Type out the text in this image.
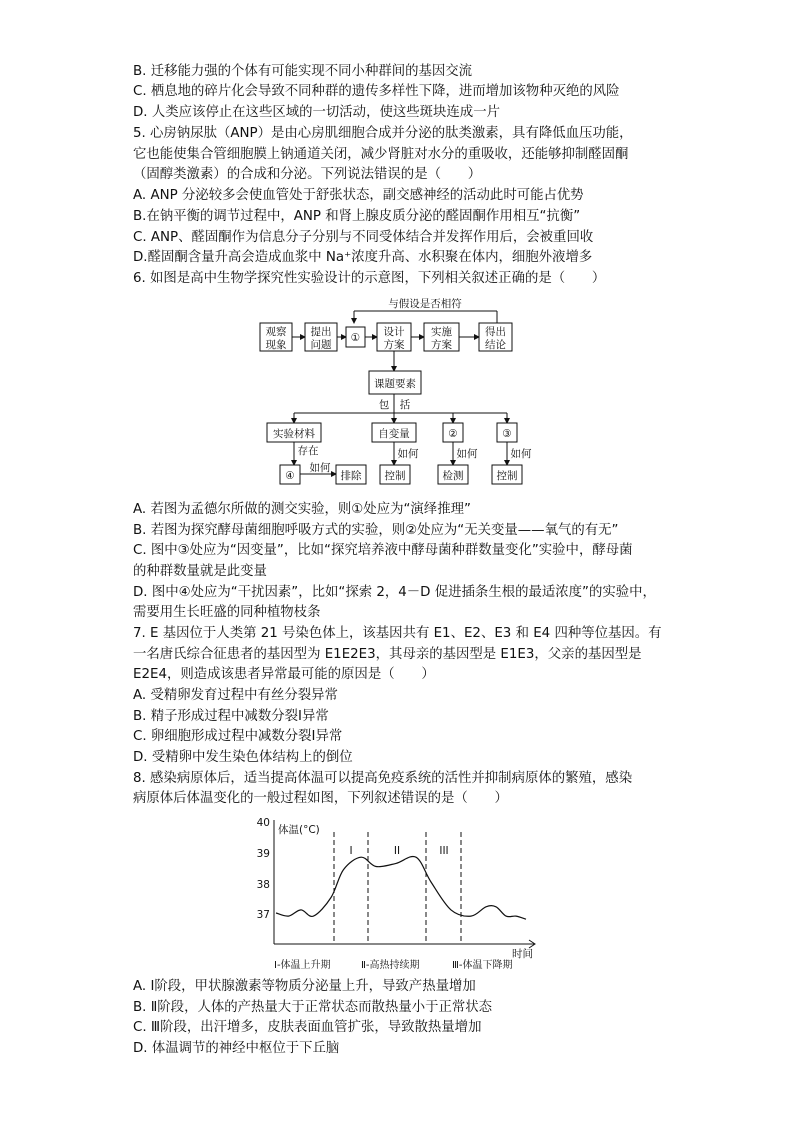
B. 迁移能力强的个体有可能实现不同小种群间的基因交流
C. 栖息地的碎片化会导致不同种群的遗传多样性下降，进而增加该物种灭绝的风险
D. 人类应该停止在这些区域的一切活动，使这些斑块连成一片
5. 心房钠尿肽（ANP）是由心房肌细胞合成并分泌的肽类激素，具有降低血压功能，
它也能使集合管细胞膜上钠通道关闭，减少肾脏对水分的重吸收，还能够抑制醛固酮
（固醇类激素）的合成和分泌。下列说法错误的是（　　）
A. ANP 分泌较多会使血管处于舒张状态，副交感神经的活动此时可能占优势
B.在钠平衡的调节过程中，ANP 和肾上腺皮质分泌的醛固酮作用相互“抗衡”
C. ANP、醛固酮作为信息分子分别与不同受体结合并发挥作用后，会被重回收
D.醛固酮含量升高会造成血浆中 Na⁺浓度升高、水积聚在体内，细胞外液增多
6. 如图是高中生物学探究性实验设计的示意图，下列相关叙述正确的是（　　）
A. 若图为孟德尔所做的测交实验，则①处应为“演绎推理”
B. 若图为探究酵母菌细胞呼吸方式的实验，则②处应为“无关变量——氧气的有无”
C. 图中③处应为“因变量”，比如“探究培养液中酵母菌种群数量变化”实验中，酵母菌
的种群数量就是此变量
D. 图中④处应为“干扰因素”，比如“探索 2，4－D 促进插条生根的最适浓度”的实验中，
需要用生长旺盛的同种植物枝条
7. E 基因位于人类第 21 号染色体上，该基因共有 E1、E2、E3 和 E4 四种等位基因。有
一名唐氏综合征患者的基因型为 E1E2E3，其母亲的基因型是 E1E3，父亲的基因型是
E2E4，则造成该患者异常最可能的原因是（　　）
A. 受精卵发育过程中有丝分裂异常
B. 精子形成过程中减数分裂Ⅰ异常
C. 卵细胞形成过程中减数分裂Ⅰ异常
D. 受精卵中发生染色体结构上的倒位
8. 感染病原体后，适当提高体温可以提高免疫系统的活性并抑制病原体的繁殖，感染
病原体后体温变化的一般过程如图，下列叙述错误的是（　　）
A. Ⅰ阶段，甲状腺激素等物质分泌量上升，导致产热量增加
B. Ⅱ阶段，人体的产热量大于正常状态而散热量小于正常状态
C. Ⅲ阶段，出汗增多，皮肤表面血管扩张，导致散热量增加
D. 体温调节的神经中枢位于下丘脑
与假设是否相符
观察
现象
提出
问题
① 设计
方案
实施
方案
得出
结论
课题要素
包 括
实验材料	自变量	②	③
存在
④
如何
排除
如何
控制
如何
检测
如何
控制
37
38
39
40
体温(°C)
I	II	III
时间
Ⅰ-体温上升期	Ⅱ-高热持续期	Ⅲ-体温下降期
